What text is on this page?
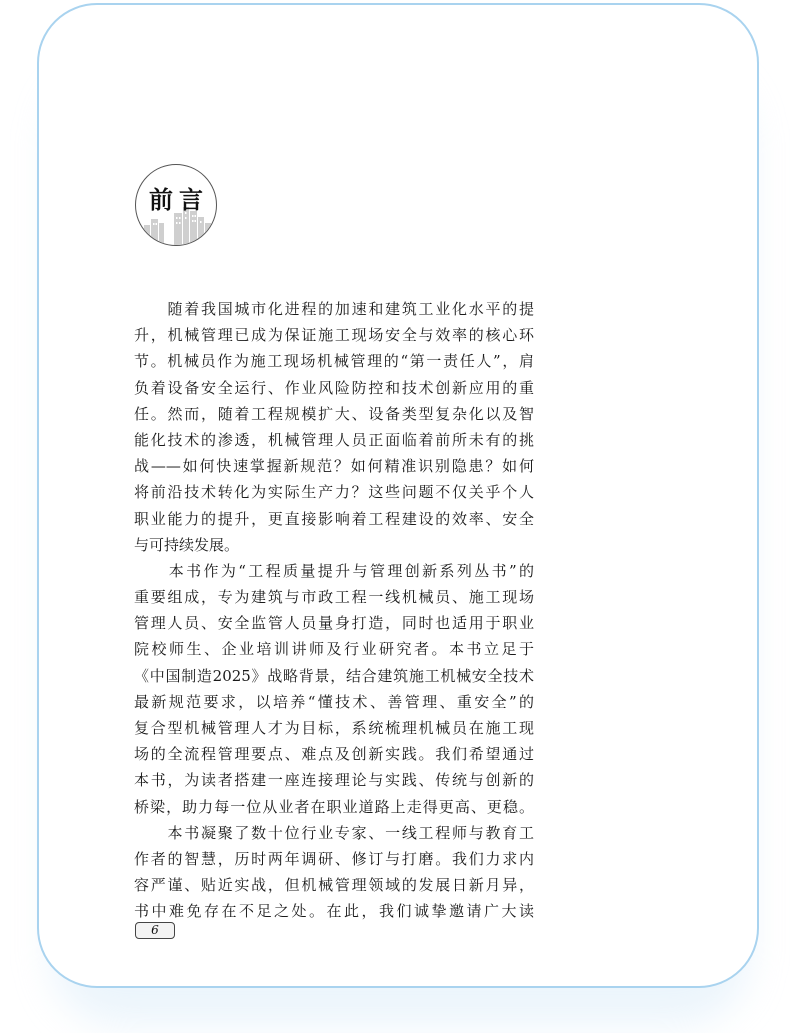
前言
　　随着我国城市化进程的加速和建筑工业化水平的提
升，机械管理已成为保证施工现场安全与效率的核心环
节。机械员作为施工现场机械管理的“第一责任人”，肩
负着设备安全运行、作业风险防控和技术创新应用的重
任。然而，随着工程规模扩大、设备类型复杂化以及智
能化技术的渗透，机械管理人员正面临着前所未有的挑
战——如何快速掌握新规范？如何精准识别隐患？如何
将前沿技术转化为实际生产力？这些问题不仅关乎个人
职业能力的提升，更直接影响着工程建设的效率、安全
与可持续发展。
　　本书作为“工程质量提升与管理创新系列丛书”的
重要组成，专为建筑与市政工程一线机械员、施工现场
管理人员、安全监管人员量身打造，同时也适用于职业
院校师生、企业培训讲师及行业研究者。本书立足于
《中国制造2025》战略背景，结合建筑施工机械安全技术
最新规范要求，以培养“懂技术、善管理、重安全”的
复合型机械管理人才为目标，系统梳理机械员在施工现
场的全流程管理要点、难点及创新实践。我们希望通过
本书，为读者搭建一座连接理论与实践、传统与创新的
桥梁，助力每一位从业者在职业道路上走得更高、更稳。
　　本书凝聚了数十位行业专家、一线工程师与教育工
作者的智慧，历时两年调研、修订与打磨。我们力求内
容严谨、贴近实战，但机械管理领域的发展日新月异，
书中难免存在不足之处。在此，我们诚挚邀请广大读
6
